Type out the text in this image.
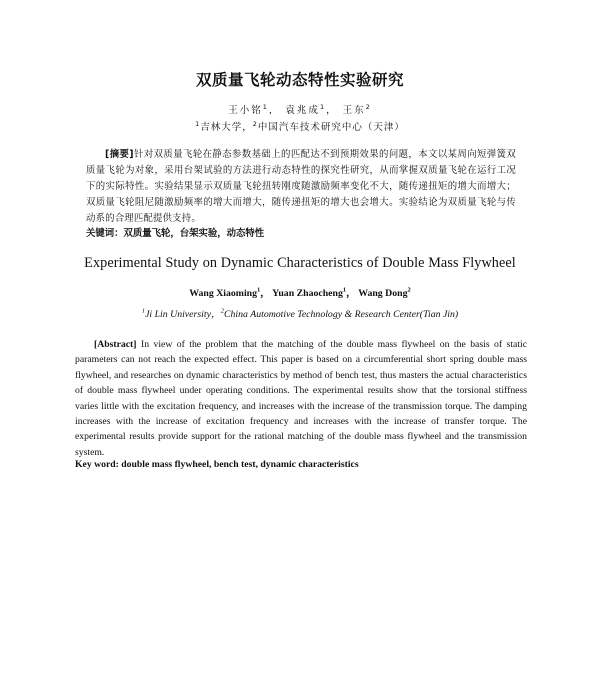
双质量飞轮动态特性实验研究
王小铭$^1$， 袁兆成$^1$， 王东$^2$
$^1$吉林大学，$^2$中国汽车技术研究中心（天津）
[摘要]针对双质量飞轮在静态参数基础上的匹配达不到预期效果的问题，本文以某周向短弹簧双质量飞轮为对象，采用台架试验的方法进行动态特性的探究性研究，从而掌握双质量飞轮在运行工况下的实际特性。实验结果显示双质量飞轮扭转刚度随激励频率变化不大，随传递扭矩的增大而增大；双质量飞轮阻尼随激励频率的增大而增大，随传递扭矩的增大也会增大。实验结论为双质量飞轮与传动系的合理匹配提供支持。
关键词：双质量飞轮，台架实验，动态特性
Experimental Study on Dynamic Characteristics of Double Mass Flywheel
Wang Xiaoming$^1$， Yuan Zhaocheng$^1$， Wang Dong$^2$
$^1$Ji Lin University，$^2$China Automotive Technology & Research Center(Tian Jin)
[Abstract] In view of the problem that the matching of the double mass flywheel on the basis of static parameters can not reach the expected effect. This paper is based on a circumferential short spring double mass flywheel, and researches on dynamic characteristics by method of bench test, thus masters the actual characteristics of double mass flywheel under operating conditions. The experimental results show that the torsional stiffness varies little with the excitation frequency, and increases with the increase of the transmission torque. The damping increases with the increase of excitation frequency and increases with the increase of transfer torque. The experimental results provide support for the rational matching of the double mass flywheel and the transmission system.
Key word: double mass flywheel, bench test, dynamic characteristics
